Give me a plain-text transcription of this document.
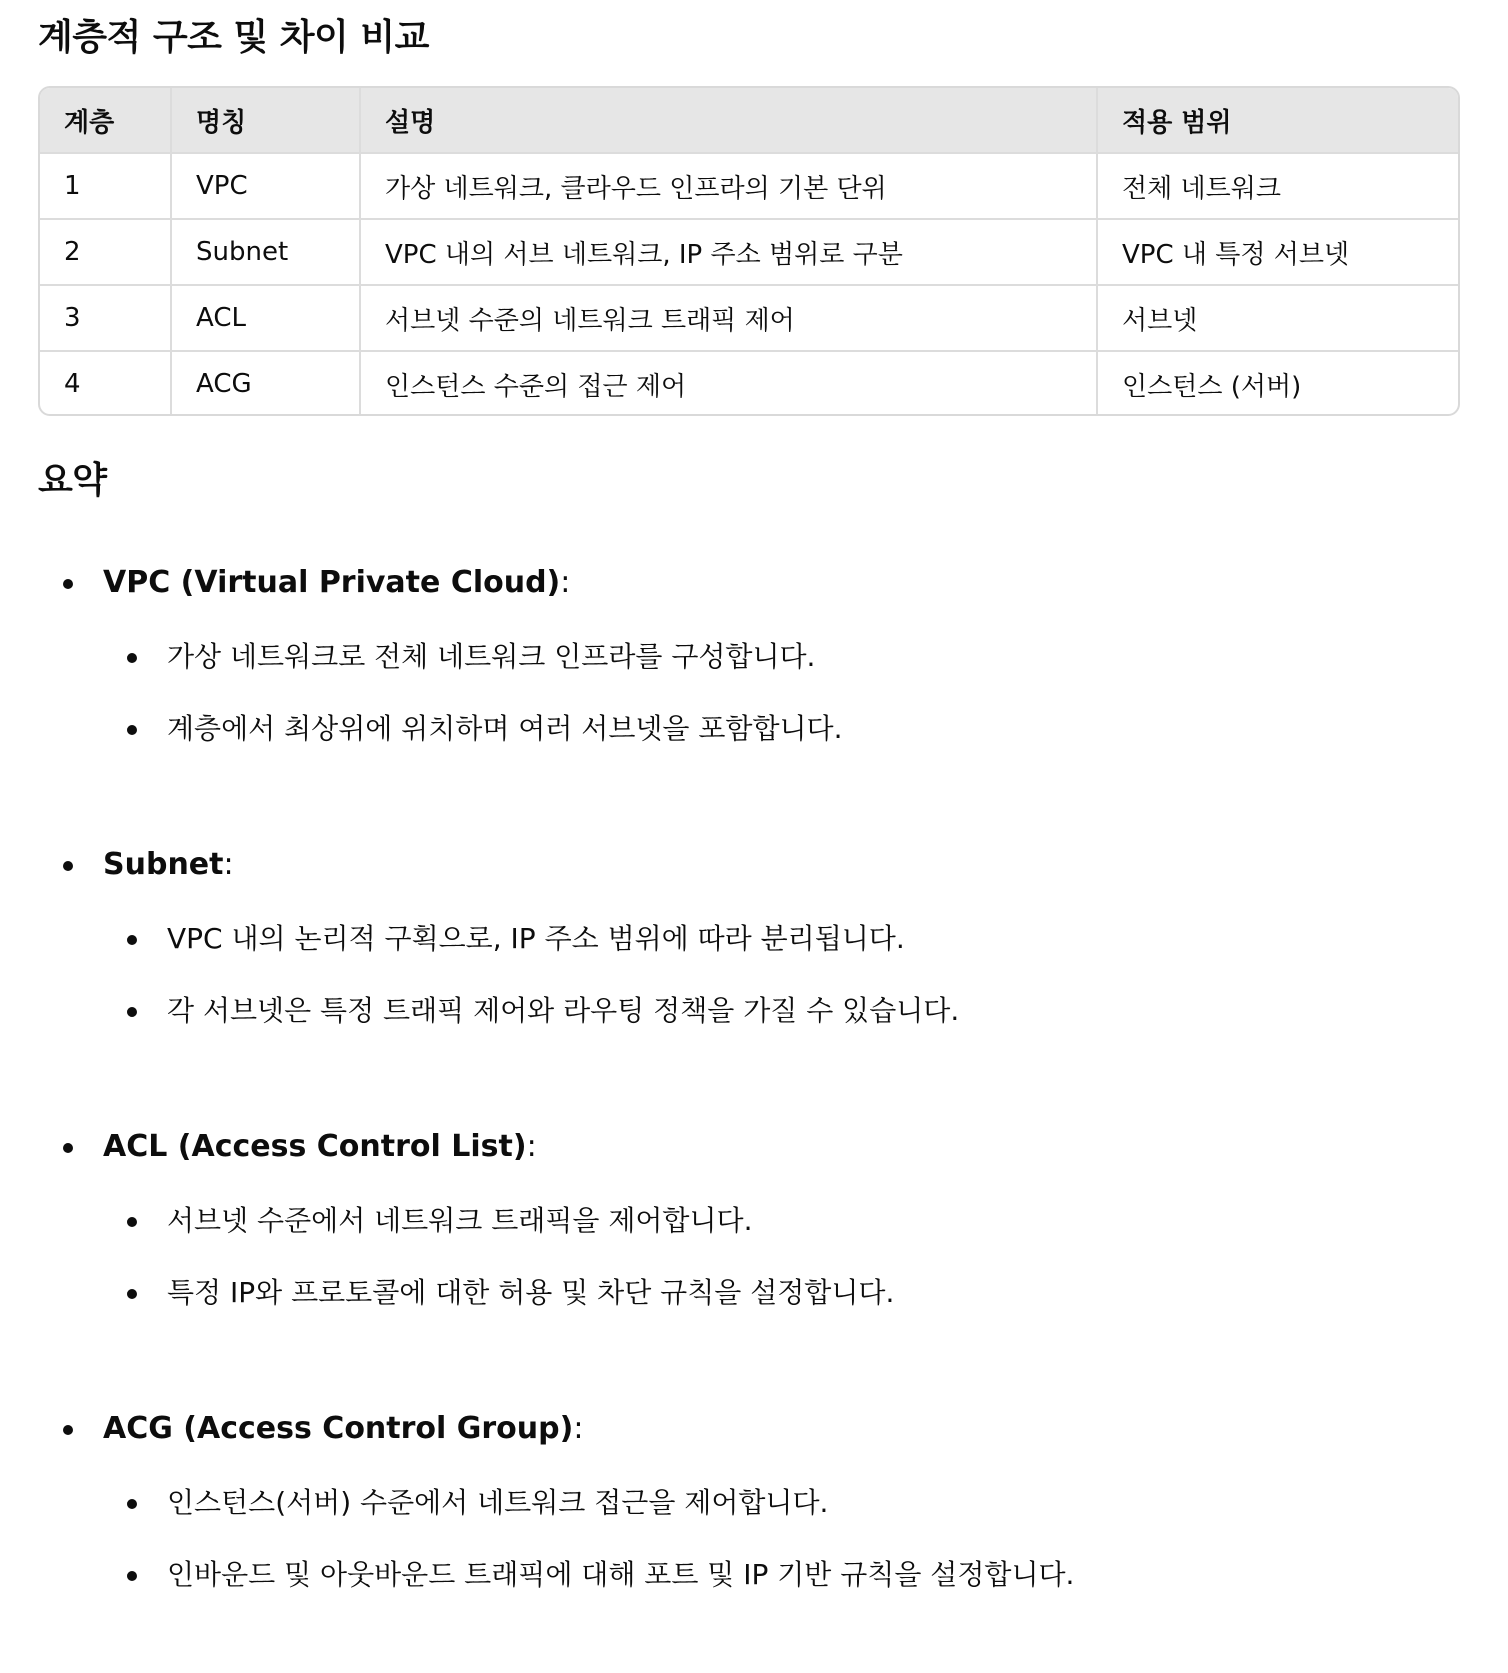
계층적 구조 및 차이 비교
계층	명칭	설명	적용 범위
1	VPC	가상 네트워크, 클라우드 인프라의 기본 단위	전체 네트워크
2	Subnet	VPC 내의 서브 네트워크, IP 주소 범위로 구분	VPC 내 특정 서브넷
3	ACL	서브넷 수준의 네트워크 트래픽 제어	서브넷
4	ACG	인스턴스 수준의 접근 제어	인스턴스 (서버)
요약
VPC (Virtual Private Cloud):
가상 네트워크로 전체 네트워크 인프라를 구성합니다.
계층에서 최상위에 위치하며 여러 서브넷을 포함합니다.
Subnet:
VPC 내의 논리적 구획으로, IP 주소 범위에 따라 분리됩니다.
각 서브넷은 특정 트래픽 제어와 라우팅 정책을 가질 수 있습니다.
ACL (Access Control List):
서브넷 수준에서 네트워크 트래픽을 제어합니다.
특정 IP와 프로토콜에 대한 허용 및 차단 규칙을 설정합니다.
ACG (Access Control Group):
인스턴스(서버) 수준에서 네트워크 접근을 제어합니다.
인바운드 및 아웃바운드 트래픽에 대해 포트 및 IP 기반 규칙을 설정합니다.
